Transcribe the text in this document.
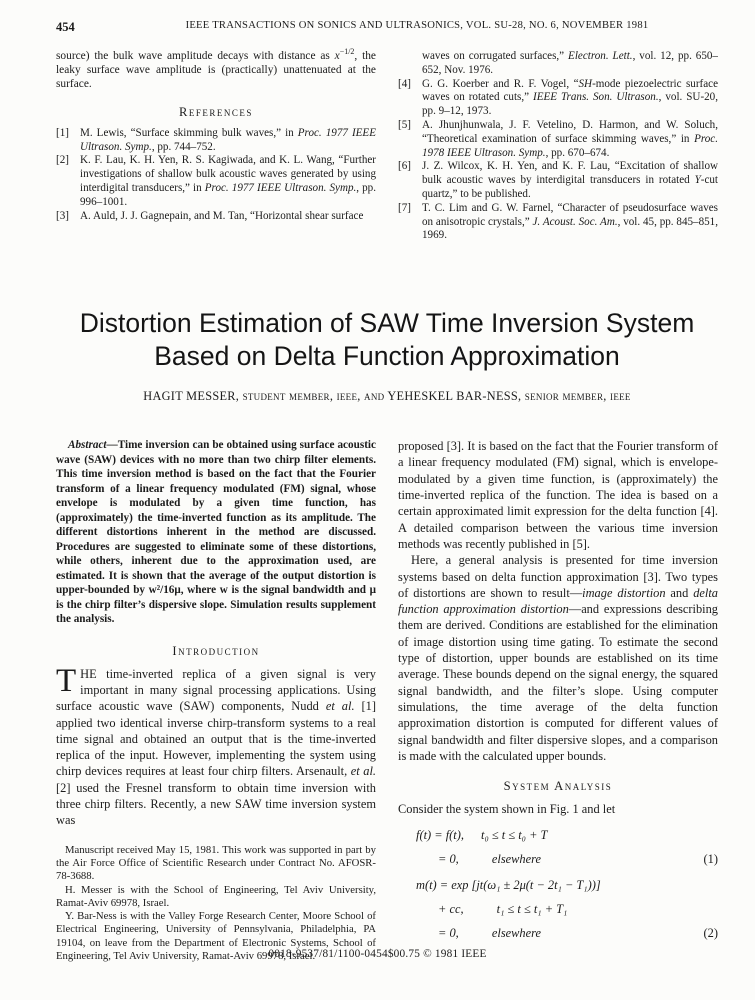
454	IEEE TRANSACTIONS ON SONICS AND ULTRASONICS, VOL. SU-28, NO. 6, NOVEMBER 1981

source) the bulk wave amplitude decays with distance as $x^{-1/2}$, the leaky surface wave amplitude is (practically) unattenuated at the surface.

References
[1] M. Lewis, “Surface skimming bulk waves,” in Proc. 1977 IEEE Ultrason. Symp., pp. 744–752.
[2] K. F. Lau, K. H. Yen, R. S. Kagiwada, and K. L. Wang, “Further investigations of shallow bulk acoustic waves generated by using interdigital transducers,” in Proc. 1977 IEEE Ultrason. Symp., pp. 996–1001.
[3] A. Auld, J. J. Gagnepain, and M. Tan, “Horizontal shear surface
waves on corrugated surfaces,” Electron. Lett., vol. 12, pp. 650–652, Nov. 1976.
[4] G. G. Koerber and R. F. Vogel, “SH-mode piezoelectric surface waves on rotated cuts,” IEEE Trans. Son. Ultrason., vol. SU-20, pp. 9–12, 1973.
[5] A. Jhunjhunwala, J. F. Vetelino, D. Harmon, and W. Soluch, “Theoretical examination of surface skimming waves,” in Proc. 1978 IEEE Ultrason. Symp., pp. 670–674.
[6] J. Z. Wilcox, K. H. Yen, and K. F. Lau, “Excitation of shallow bulk acoustic waves by interdigital transducers in rotated Y-cut quartz,” to be published.
[7] T. C. Lim and G. W. Farnel, “Character of pseudosurface waves on anisotropic crystals,” J. Acoust. Soc. Am., vol. 45, pp. 845–851, 1969.
Distortion Estimation of SAW Time Inversion System
Based on Delta Function Approximation
HAGIT MESSER, student member, ieee, and YEHESKEL BAR-NESS, senior member, ieee

Abstract—Time inversion can be obtained using surface acoustic wave (SAW) devices with no more than two chirp filter elements. This time inversion method is based on the fact that the Fourier transform of a linear frequency modulated (FM) signal, whose envelope is modulated by a given time function, has (approximately) the time-inverted function as its amplitude. The different distortions inherent in the method are discussed. Procedures are suggested to eliminate some of these distortions, while others, inherent due to the approximation used, are estimated. It is shown that the average of the output distortion is upper-bounded by w²/16μ, where w is the signal bandwidth and μ is the chirp filter’s dispersive slope. Simulation results supplement the analysis.

Introduction

THE time-inverted replica of a given signal is very important in many signal processing applications. Using surface acoustic wave (SAW) components, Nudd et al. [1] applied two identical inverse chirp-transform systems to a real time signal and obtained an output that is the time-inverted replica of the input. However, implementing the system using chirp devices requires at least four chirp filters. Arsenault, et al. [2] used the Fresnel transform to obtain time inversion with three chirp filters. Recently, a new SAW time inversion system was

Manuscript received May 15, 1981. This work was supported in part by the Air Force Office of Scientific Research under Contract No. AFOSR-78-3688.

H. Messer is with the School of Engineering, Tel Aviv University, Ramat-Aviv 69978, Israel.

Y. Bar-Ness is with the Valley Forge Research Center, Moore School of Electrical Engineering, University of Pennsylvania, Philadelphia, PA 19104, on leave from the Department of Electronic Systems, School of Engineering, Tel Aviv University, Ramat-Aviv 69978, Israel.

proposed [3]. It is based on the fact that the Fourier transform of a linear frequency modulated (FM) signal, which is envelope-modulated by a given time function, is (approximately) the time-inverted replica of the function. The idea is based on a certain approximated limit expression for the delta function [4]. A detailed comparison between the various time inversion methods was recently published in [5].

Here, a general analysis is presented for time inversion systems based on delta function approximation [3]. Two types of distortions are shown to result—image distortion and delta function approximation distortion—and expressions describing them are derived. Conditions are established for the elimination of image distortion using time gating. To estimate the second type of distortion, upper bounds are established on its time average. These bounds depend on the signal energy, the squared signal bandwidth, and the filter’s slope. Using computer simulations, the time average of the delta function approximation distortion is computed for different values of signal bandwidth and filter dispersive slopes, and a comparison is made with the calculated upper bounds.

System Analysis

Consider the system shown in Fig. 1 and let

f(t) = f(t), t₀ ≤ t ≤ t₀ + T
= 0,	elsewhere	(1)
m(t) = exp [jt(ω₁ ± 2μ(t − 2t₁ − T₁))]
+ cc,	t₁ ≤ t ≤ t₁ + T₁
= 0,	elsewhere	(2)
0018-9537/81/1100-0454$00.75 © 1981 IEEE
